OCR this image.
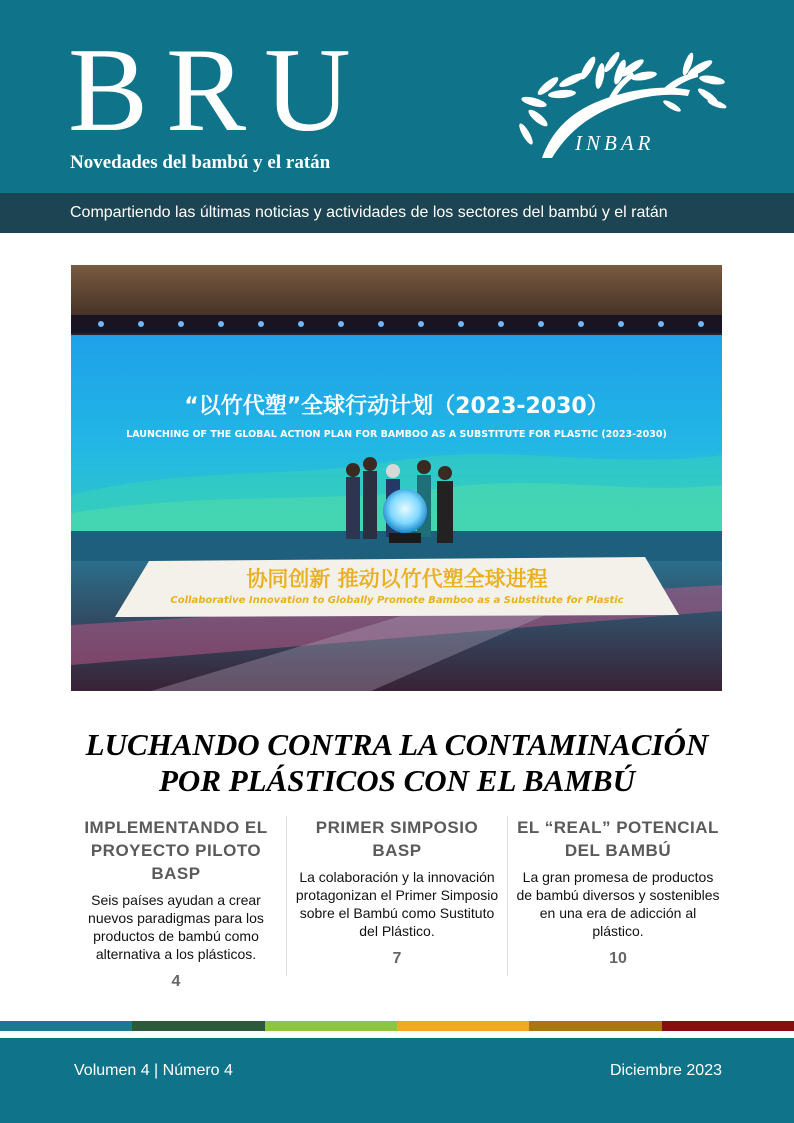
BRU
Novedades del bambú y el ratán
INBAR
Compartiendo las últimas noticias y actividades de los sectores del bambú y el ratán
“以竹代塑”全球行动计划（2023-2030）
LAUNCHING OF THE GLOBAL ACTION PLAN FOR BAMBOO AS A SUBSTITUTE FOR PLASTIC (2023-2030)
协同创新 推动以竹代塑全球进程
Collaborative Innovation to Globally Promote Bamboo as a Substitute for Plastic
LUCHANDO CONTRA LA CONTAMINACIÓN
POR PLÁSTICOS CON EL BAMBÚ
IMPLEMENTANDO EL PROYECTO PILOTO BASP
Seis países ayudan a crear nuevos paradigmas para los productos de bambú como alternativa a los plásticos.
4
PRIMER SIMPOSIO BASP
La colaboración y la innovación protagonizan el Primer Simposio sobre el Bambú como Sustituto del Plástico.
7
EL “REAL” POTENCIAL DEL BAMBÚ
La gran promesa de productos de bambú diversos y sostenibles en una era de adicción al plástico.
10
Volumen 4 | Número 4	Diciembre 2023
